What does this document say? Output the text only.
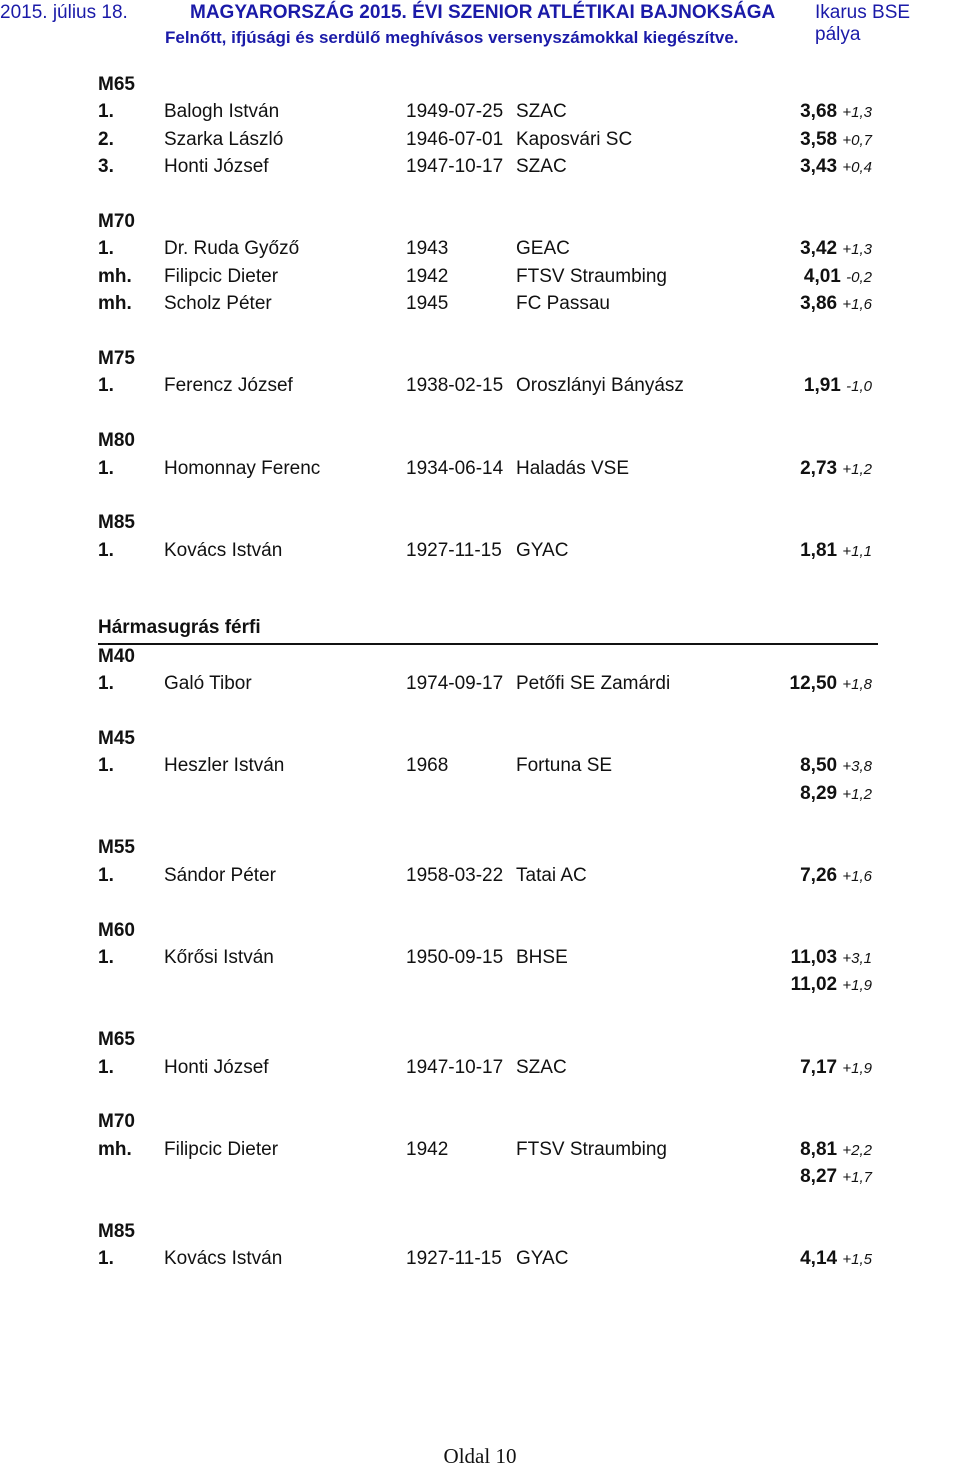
2015. július 18.	MAGYARORSZÁG 2015. ÉVI SZENIOR ATLÉTIKAI BAJNOKSÁGA Ikarus BSE pálya
Felnőtt, ifjúsági és serdülő meghívásos versenyszámokkal kiegészítve.
M65
1.	Balogh István	1949-07-25 SZAC	3,68 +1,3
2.	Szarka László	1946-07-01 Kaposvári SC	3,58 +0,7
3.	Honti József	1947-10-17 SZAC	3,43 +0,4
M70
1.	Dr. Ruda Győző	1943	GEAC	3,42 +1,3
mh. Filipcic Dieter	1942	FTSV Straumbing	4,01 -0,2
mh. Scholz Péter	1945	FC Passau	3,86 +1,6
M75
1.	Ferencz József	1938-02-15 Oroszlányi Bányász	1,91 -1,0
M80
1.	Homonnay Ferenc	1934-06-14 Haladás VSE	2,73 +1,2
M85
1.	Kovács István	1927-11-15 GYAC	1,81 +1,1
Hármasugrás férfi
M40
1.	Galó Tibor	1974-09-17 Petőfi SE Zamárdi	12,50 +1,8
M45
1.	Heszler István	1968	Fortuna SE	8,50 +3,8
8,29 +1,2
M55
1.	Sándor Péter	1958-03-22 Tatai AC	7,26 +1,6
M60
1.	Kőrősi István	1950-09-15 BHSE	11,03 +3,1
11,02 +1,9
M65
1.	Honti József	1947-10-17 SZAC	7,17 +1,9
M70
mh. Filipcic Dieter	1942	FTSV Straumbing	8,81 +2,2
8,27 +1,7
M85
1.	Kovács István	1927-11-15 GYAC	4,14 +1,5
Oldal 10
